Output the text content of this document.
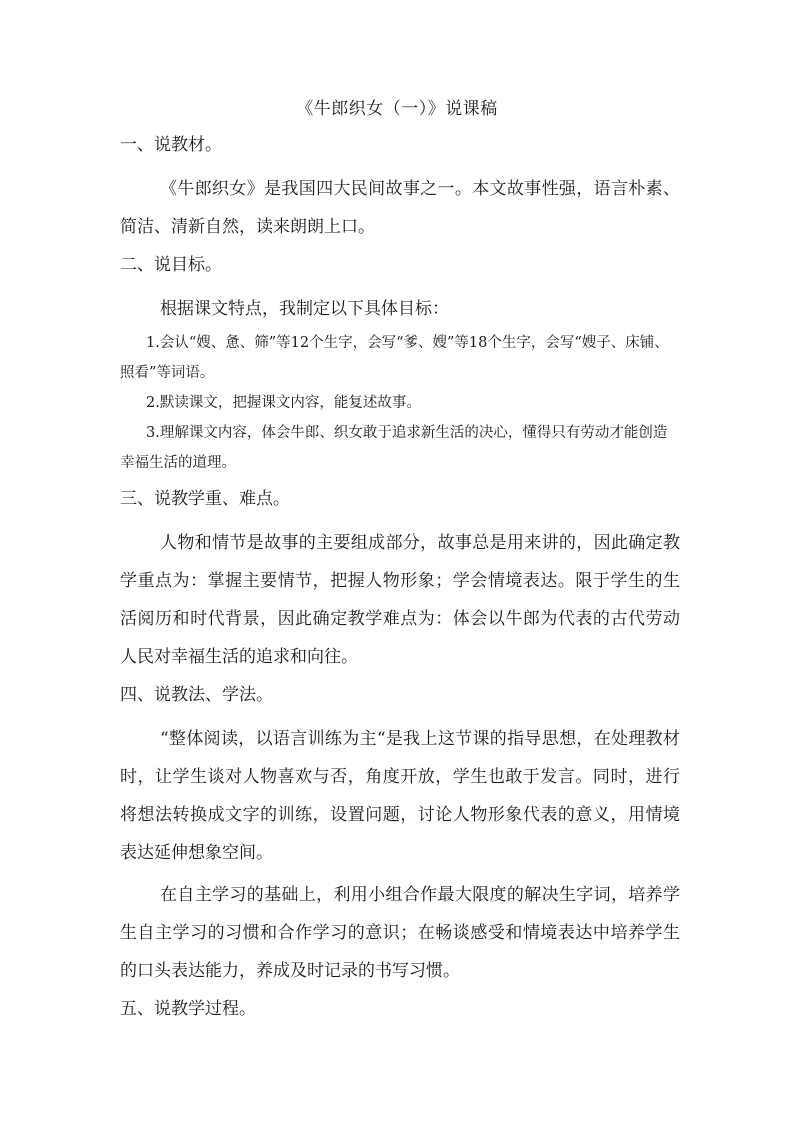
《牛郎织女（一）》说课稿
一、说教材。

《牛郎织女》是我国四大民间故事之一。本文故事性强，语言朴素、简洁、清新自然，读来朗朗上口。

二、说目标。

根据课文特点，我制定以下具体目标：

1.会认“嫂、惫、筛”等12个生字，会写“爹、嫂”等18个生字，会写“嫂子、床铺、照看”等词语。

2.默读课文，把握课文内容，能复述故事。

3.理解课文内容，体会牛郎、织女敢于追求新生活的决心，懂得只有劳动才能创造幸福生活的道理。

三、说教学重、难点。

人物和情节是故事的主要组成部分，故事总是用来讲的，因此确定教学重点为：掌握主要情节，把握人物形象；学会情境表达。限于学生的生活阅历和时代背景，因此确定教学难点为：体会以牛郎为代表的古代劳动人民对幸福生活的追求和向往。

四、说教法、学法。

“整体阅读，以语言训练为主“是我上这节课的指导思想，在处理教材时，让学生谈对人物喜欢与否，角度开放，学生也敢于发言。同时，进行将想法转换成文字的训练，设置问题，讨论人物形象代表的意义，用情境表达延伸想象空间。

在自主学习的基础上，利用小组合作最大限度的解决生字词，培养学生自主学习的习惯和合作学习的意识；在畅谈感受和情境表达中培养学生的口头表达能力，养成及时记录的书写习惯。

五、说教学过程。
